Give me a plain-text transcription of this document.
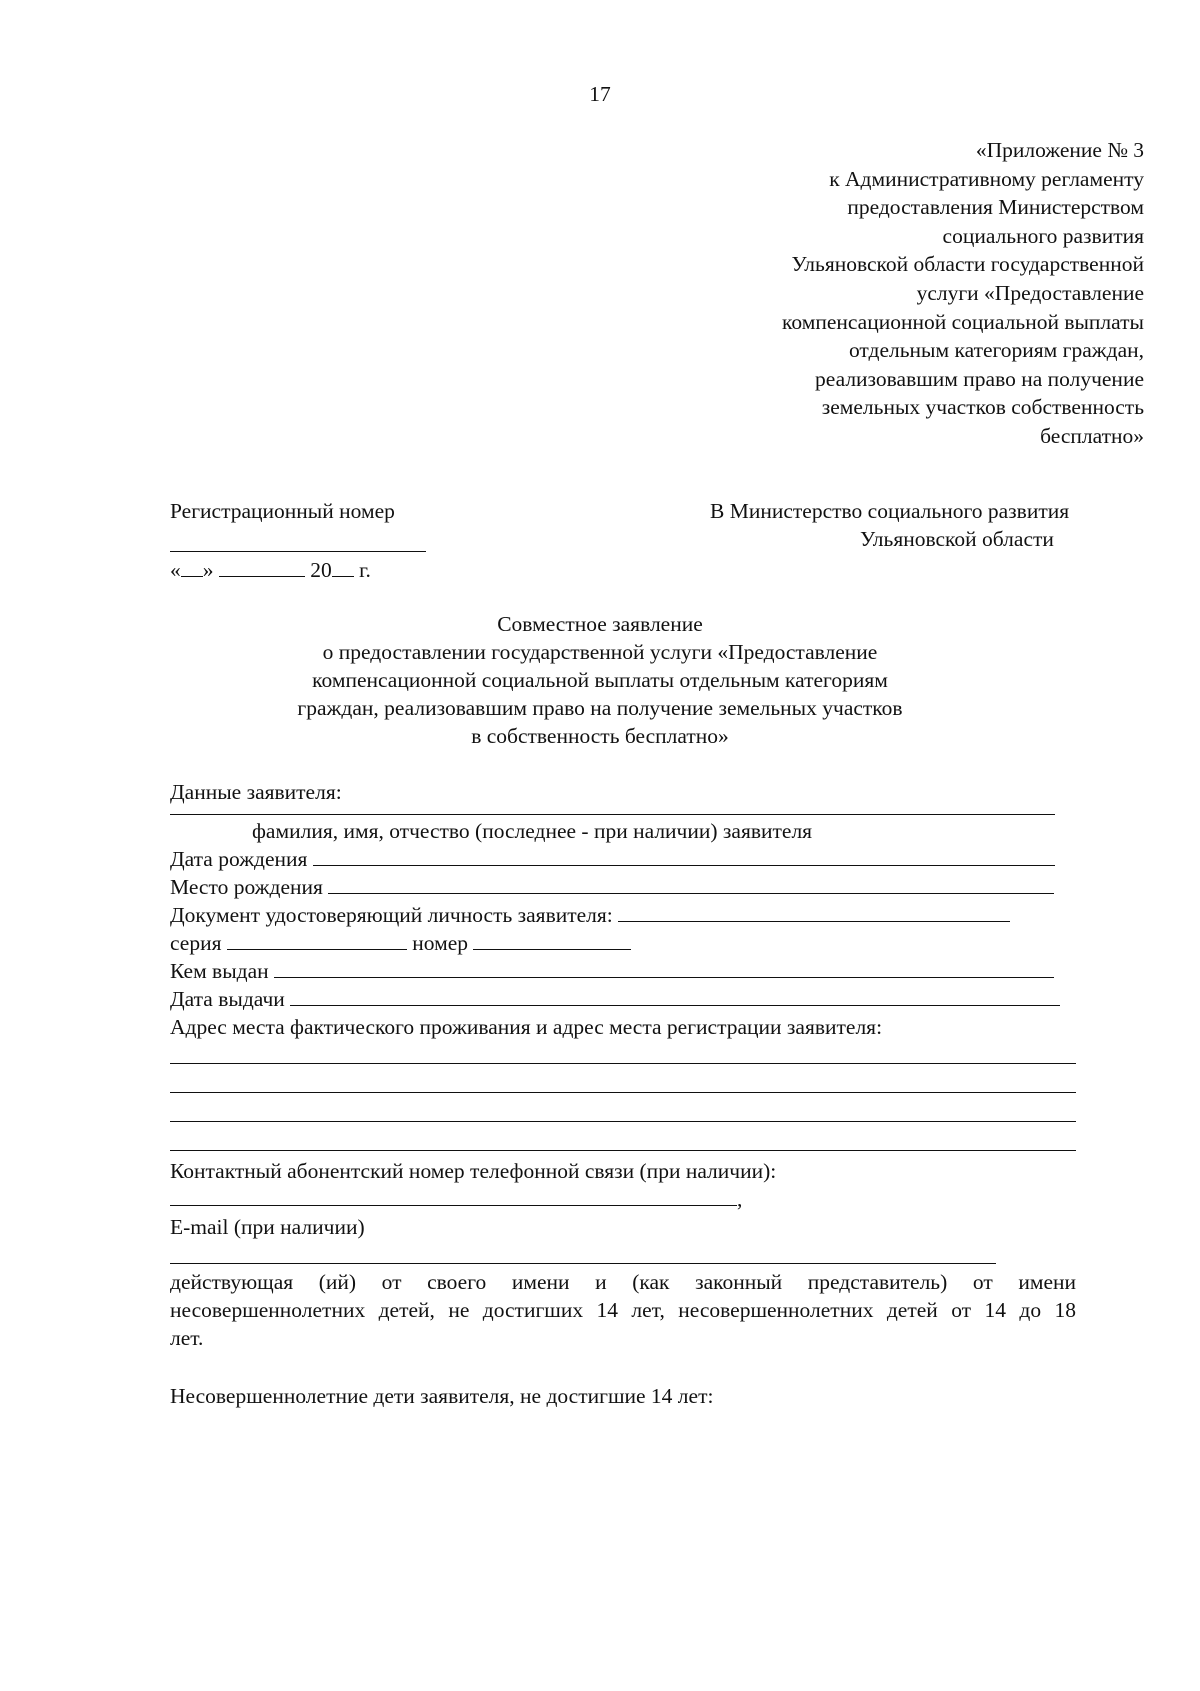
17
«Приложение № 3
к Административному регламенту
предоставления Министерством
социального развития
Ульяновской области государственной
услуги «Предоставление
компенсационной социальной выплаты
отдельным категориям граждан,
реализовавшим право на получение
земельных участков собственность
бесплатно»
Регистрационный номер
« »	20 г.
В Министерство социального развития
Ульяновской области
Совместное заявление
о предоставлении государственной услуги «Предоставление
компенсационной социальной выплаты отдельным категориям
граждан, реализовавшим право на получение земельных участков
в собственность бесплатно»
Данные заявителя:
фамилия, имя, отчество (последнее - при наличии) заявителя
Дата рождения
Место рождения
Документ удостоверяющий личность заявителя:
серия	номер
Кем выдан
Дата выдачи
Адрес места фактического проживания и адрес места регистрации заявителя:
Контактный абонентский номер телефонной связи (при наличии):
,
E-mail (при наличии)
действующая (ий) от своего имени и (как законный представитель) от имени
несовершеннолетних детей, не достигших 14 лет, несовершеннолетних детей от 14 до 18
лет.
Несовершеннолетние дети заявителя, не достигшие 14 лет:
